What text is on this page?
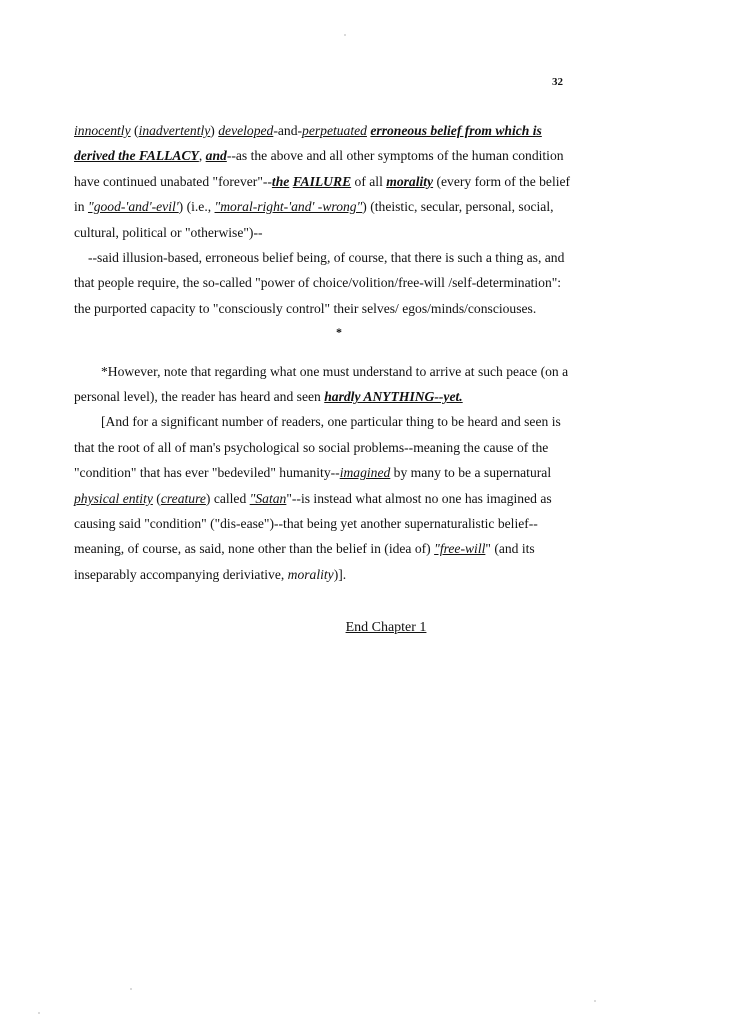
32

innocently (inadvertently) developed-and-perpetuated erroneous belief from which is derived the FALLACY, and--as the above and all other symptoms of the human condition have continued unabated "forever"--the FAILURE of all morality (every form of the belief in "good-'and'-evil') (i.e., "moral-right-'and' -wrong") (theistic, secular, personal, social, cultural, political or "otherwise")--

--said illusion-based, erroneous belief being, of course, that there is such a thing as, and that people require, the so-called "power of choice/volition/free-will /self-determination": the purported capacity to "consciously control" their selves/ egos/minds/consciouses.

*

*However, note that regarding what one must understand to arrive at such peace (on a personal level), the reader has heard and seen hardly ANYTHING--yet.

[And for a significant number of readers, one particular thing to be heard and seen is that the root of all of man's psychological so social problems--meaning the cause of the "condition" that has ever "bedeviled" humanity--imagined by many to be a supernatural physical entity (creature) called "Satan"--is instead what almost no one has imagined as causing said "condition" ("dis-ease")--that being yet another supernaturalistic belief--meaning, of course, as said, none other than the belief in (idea of) "free-will" (and its inseparably accompanying deriviative, morality)].

End Chapter 1
